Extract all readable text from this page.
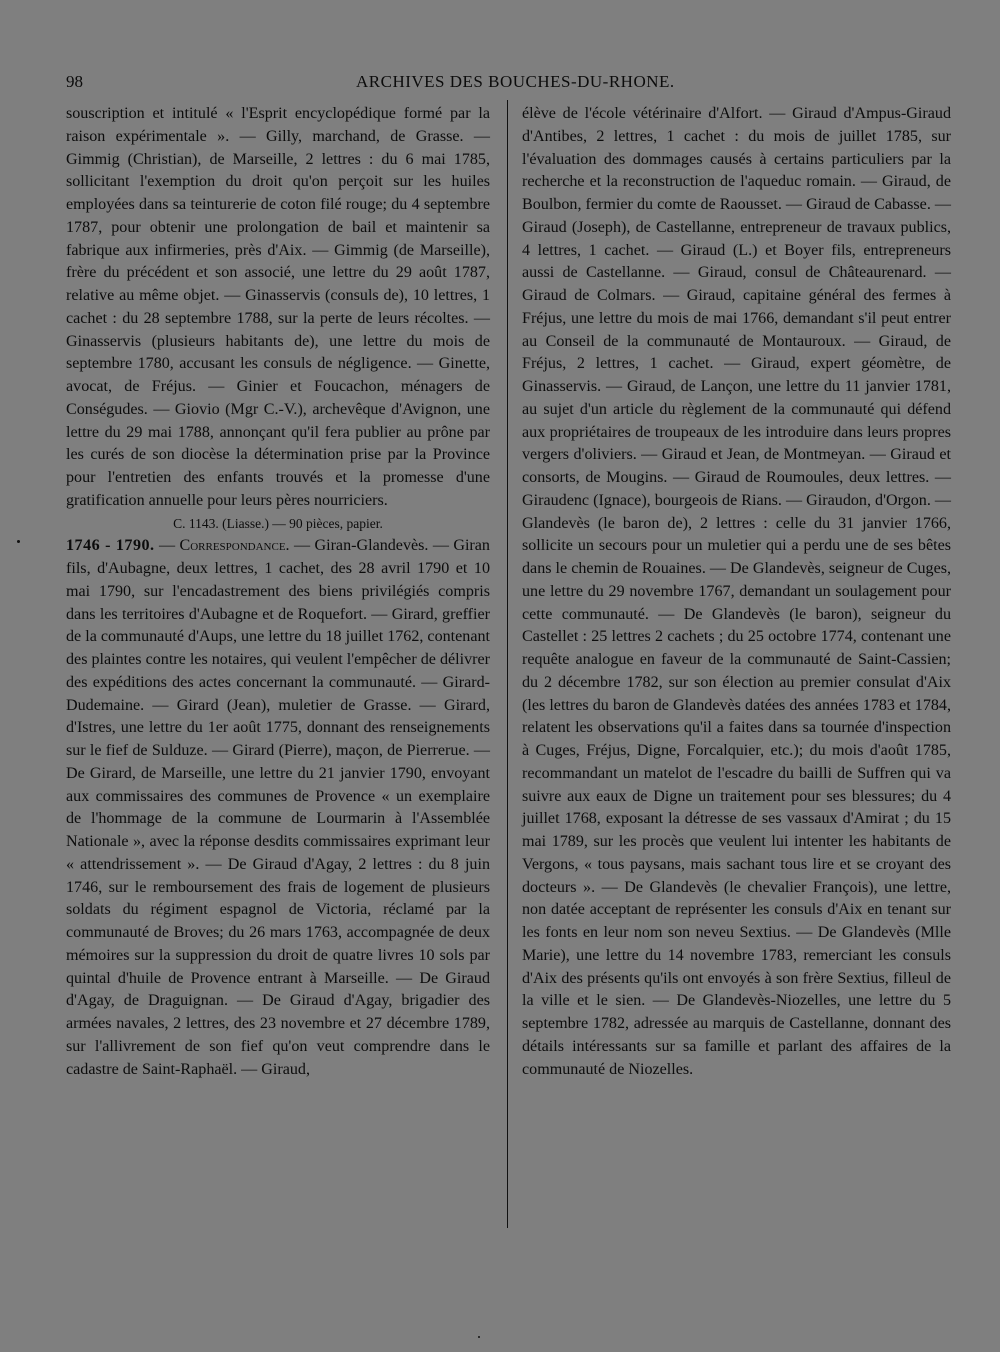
98	ARCHIVES DES BOUCHES-DU-RHONE.

souscription et intitulé « l'Esprit encyclopédique formé par la raison expérimentale ». — Gilly, marchand, de Grasse. — Gimmig (Christian), de Marseille, 2 lettres : du 6 mai 1785, sollicitant l'exemption du droit qu'on perçoit sur les huiles employées dans sa teinturerie de coton filé rouge; du 4 septembre 1787, pour obtenir une prolongation de bail et maintenir sa fabrique aux infirmeries, près d'Aix. — Gimmig (de Marseille), frère du précédent et son associé, une lettre du 29 août 1787, relative au même objet. — Ginasservis (consuls de), 10 lettres, 1 cachet : du 28 septembre 1788, sur la perte de leurs récoltes. — Ginasservis (plusieurs habitants de), une lettre du mois de septembre 1780, accusant les consuls de négligence. — Ginette, avocat, de Fréjus. — Ginier et Foucachon, ménagers de Conségudes. — Giovio (Mgr C.-V.), archevêque d'Avignon, une lettre du 29 mai 1788, annonçant qu'il fera publier au prône par les curés de son diocèse la détermination prise par la Province pour l'entretien des enfants trouvés et la promesse d'une gratification annuelle pour leurs pères nourriciers.

C. 1143. (Liasse.) — 90 pièces, papier.

1746 - 1790. — Correspondance. — Giran-Glandevès. — Giran fils, d'Aubagne, deux lettres, 1 cachet, des 28 avril 1790 et 10 mai 1790, sur l'encadastrement des biens privilégiés compris dans les territoires d'Aubagne et de Roquefort. — Girard, greffier de la communauté d'Aups, une lettre du 18 juillet 1762, contenant des plaintes contre les notaires, qui veulent l'empêcher de délivrer des expéditions des actes concernant la communauté. — Girard-Dudemaine. — Girard (Jean), muletier de Grasse. — Girard, d'Istres, une lettre du 1er août 1775, donnant des renseignements sur le fief de Sulduze. — Girard (Pierre), maçon, de Pierrerue. — De Girard, de Marseille, une lettre du 21 janvier 1790, envoyant aux commissaires des communes de Provence « un exemplaire de l'hommage de la commune de Lourmarin à l'Assemblée Nationale », avec la réponse desdits commissaires exprimant leur « attendrissement ». — De Giraud d'Agay, 2 lettres : du 8 juin 1746, sur le remboursement des frais de logement de plusieurs soldats du régiment espagnol de Victoria, réclamé par la communauté de Broves; du 26 mars 1763, accompagnée de deux mémoires sur la suppression du droit de quatre livres 10 sols par quintal d'huile de Provence entrant à Marseille. — De Giraud d'Agay, de Draguignan. — De Giraud d'Agay, brigadier des armées navales, 2 lettres, des 23 novembre et 27 décembre 1789, sur l'allivrement de son fief qu'on veut comprendre dans le cadastre de Saint-Raphaël. — Giraud,

élève de l'école vétérinaire d'Alfort. — Giraud d'Ampus-Giraud d'Antibes, 2 lettres, 1 cachet : du mois de juillet 1785, sur l'évaluation des dommages causés à certains particuliers par la recherche et la reconstruction de l'aqueduc romain. — Giraud, de Boulbon, fermier du comte de Raousset. — Giraud de Cabasse. — Giraud (Joseph), de Castellanne, entrepreneur de travaux publics, 4 lettres, 1 cachet. — Giraud (L.) et Boyer fils, entrepreneurs aussi de Castellanne. — Giraud, consul de Châteaurenard. — Giraud de Colmars. — Giraud, capitaine général des fermes à Fréjus, une lettre du mois de mai 1766, demandant s'il peut entrer au Conseil de la communauté de Montauroux. — Giraud, de Fréjus, 2 lettres, 1 cachet. — Giraud, expert géomètre, de Ginasservis. — Giraud, de Lançon, une lettre du 11 janvier 1781, au sujet d'un article du règlement de la communauté qui défend aux propriétaires de troupeaux de les introduire dans leurs propres vergers d'oliviers. — Giraud et Jean, de Montmeyan. — Giraud et consorts, de Mougins. — Giraud de Roumoules, deux lettres. — Giraudenc (Ignace), bourgeois de Rians. — Giraudon, d'Orgon. — Glandevès (le baron de), 2 lettres : celle du 31 janvier 1766, sollicite un secours pour un muletier qui a perdu une de ses bêtes dans le chemin de Rouaines. — De Glandevès, seigneur de Cuges, une lettre du 29 novembre 1767, demandant un soulagement pour cette communauté. — De Glandevès (le baron), seigneur du Castellet : 25 lettres 2 cachets ; du 25 octobre 1774, contenant une requête analogue en faveur de la communauté de Saint-Cassien; du 2 décembre 1782, sur son élection au premier consulat d'Aix (les lettres du baron de Glandevès datées des années 1783 et 1784, relatent les observations qu'il a faites dans sa tournée d'inspection à Cuges, Fréjus, Digne, Forcalquier, etc.); du mois d'août 1785, recommandant un matelot de l'escadre du bailli de Suffren qui va suivre aux eaux de Digne un traitement pour ses blessures; du 4 juillet 1768, exposant la détresse de ses vassaux d'Amirat ; du 15 mai 1789, sur les procès que veulent lui intenter les habitants de Vergons, « tous paysans, mais sachant tous lire et se croyant des docteurs ». — De Glandevès (le chevalier François), une lettre, non datée acceptant de représenter les consuls d'Aix en tenant sur les fonts en leur nom son neveu Sextius. — De Glandevès (Mlle Marie), une lettre du 14 novembre 1783, remerciant les consuls d'Aix des présents qu'ils ont envoyés à son frère Sextius, filleul de la ville et le sien. — De Glandevès-Niozelles, une lettre du 5 septembre 1782, adressée au marquis de Castellanne, donnant des détails intéressants sur sa famille et parlant des affaires de la communauté de Niozelles.
